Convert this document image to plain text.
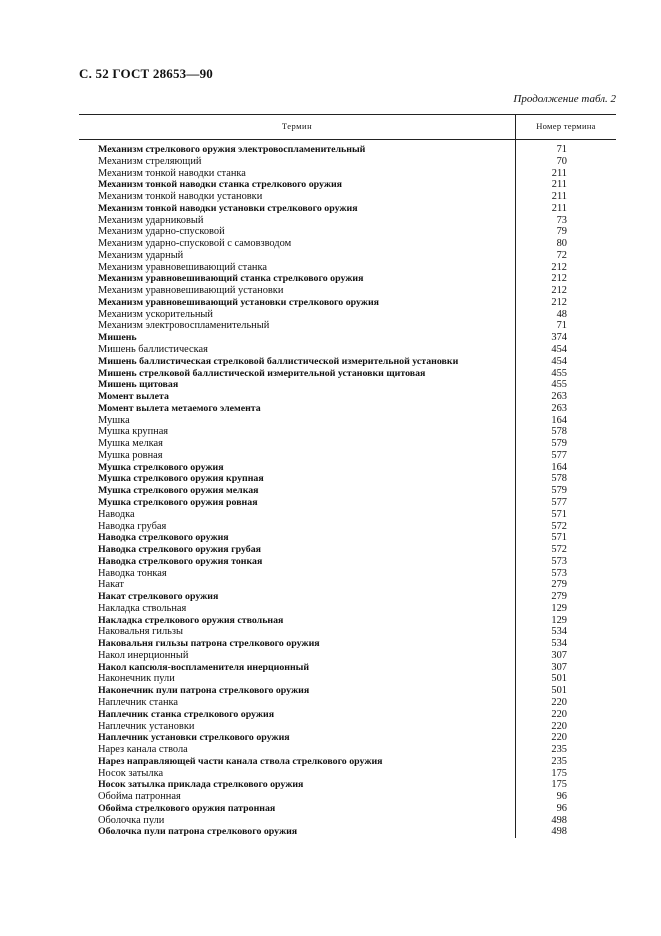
С. 52 ГОСТ 28653—90
Продолжение табл. 2
Термин	Номер термина
Механизм стрелкового оружия электровоспламенительный	71
Механизм стреляющий	70
Механизм тонкой наводки станка	211
Механизм тонкой наводки станка стрелкового оружия	211
Механизм тонкой наводки установки	211
Механизм тонкой наводки установки стрелкового оружия	211
Механизм ударниковый	73
Механизм ударно-спусковой	79
Механизм ударно-спусковой с самовзводом	80
Механизм ударный	72
Механизм уравновешивающий станка	212
Механизм уравновешивающий станка стрелкового оружия	212
Механизм уравновешивающий установки	212
Механизм уравновешивающий установки стрелкового оружия	212
Механизм ускорительный	48
Механизм электровоспламенительный	71
Мишень	374
Мишень баллистическая	454
Мишень баллистическая стрелковой баллистической измерительной установки	454
Мишень стрелковой баллистической измерительной установки щитовая	455
Мишень щитовая	455
Момент вылета	263
Момент вылета метаемого элемента	263
Мушка	164
Мушка крупная	578
Мушка мелкая	579
Мушка ровная	577
Мушка стрелкового оружия	164
Мушка стрелкового оружия крупная	578
Мушка стрелкового оружия мелкая	579
Мушка стрелкового оружия ровная	577
Наводка	571
Наводка грубая	572
Наводка стрелкового оружия	571
Наводка стрелкового оружия грубая	572
Наводка стрелкового оружия тонкая	573
Наводка тонкая	573
Накат	279
Накат стрелкового оружия	279
Накладка ствольная	129
Накладка стрелкового оружия ствольная	129
Наковальня гильзы	534
Наковальня гильзы патрона стрелкового оружия	534
Накол инерционный	307
Накол капсюля-воспламенителя инерционный	307
Наконечник пули	501
Наконечник пули патрона стрелкового оружия	501
Наплечник станка	220
Наплечник станка стрелкового оружия	220
Наплечник установки	220
Наплечник установки стрелкового оружия	220
Нарез канала ствола	235
Нарез направляющей части канала ствола стрелкового оружия	235
Носок затылка	175
Носок затылка приклада стрелкового оружия	175
Обойма патронная	96
Обойма стрелкового оружия патронная	96
Оболочка пули	498
Оболочка пули патрона стрелкового оружия	498
